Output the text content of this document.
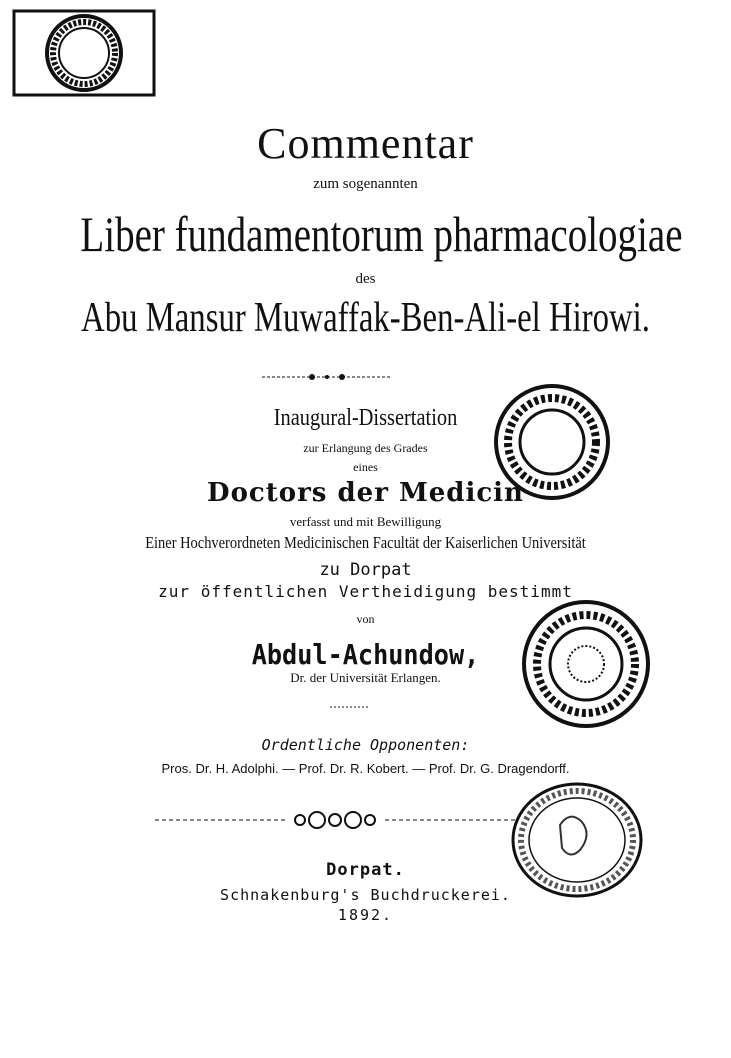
Commentar
zum sogenannten
Liber fundamentorum pharmacologiae
des
Abu Mansur Muwaffak-Ben-Ali-el Hirowi.
Inaugural-Dissertation
zur Erlangung des Grades
eines
Doctors der Medicin
verfasst und mit Bewilligung
Einer Hochverordneten Medicinischen Facultät der Kaiserlichen Universität
zu Dorpat
zur öffentlichen Vertheidigung bestimmt
von
Abdul-Achundow,
Dr. der Universität Erlangen.
Ordentliche Opponenten:
Pros. Dr. H. Adolphi. — Prof. Dr. R. Kobert. — Prof. Dr. G. Dragendorff.
Dorpat.
Schnakenburg's Buchdruckerei.
1892.
